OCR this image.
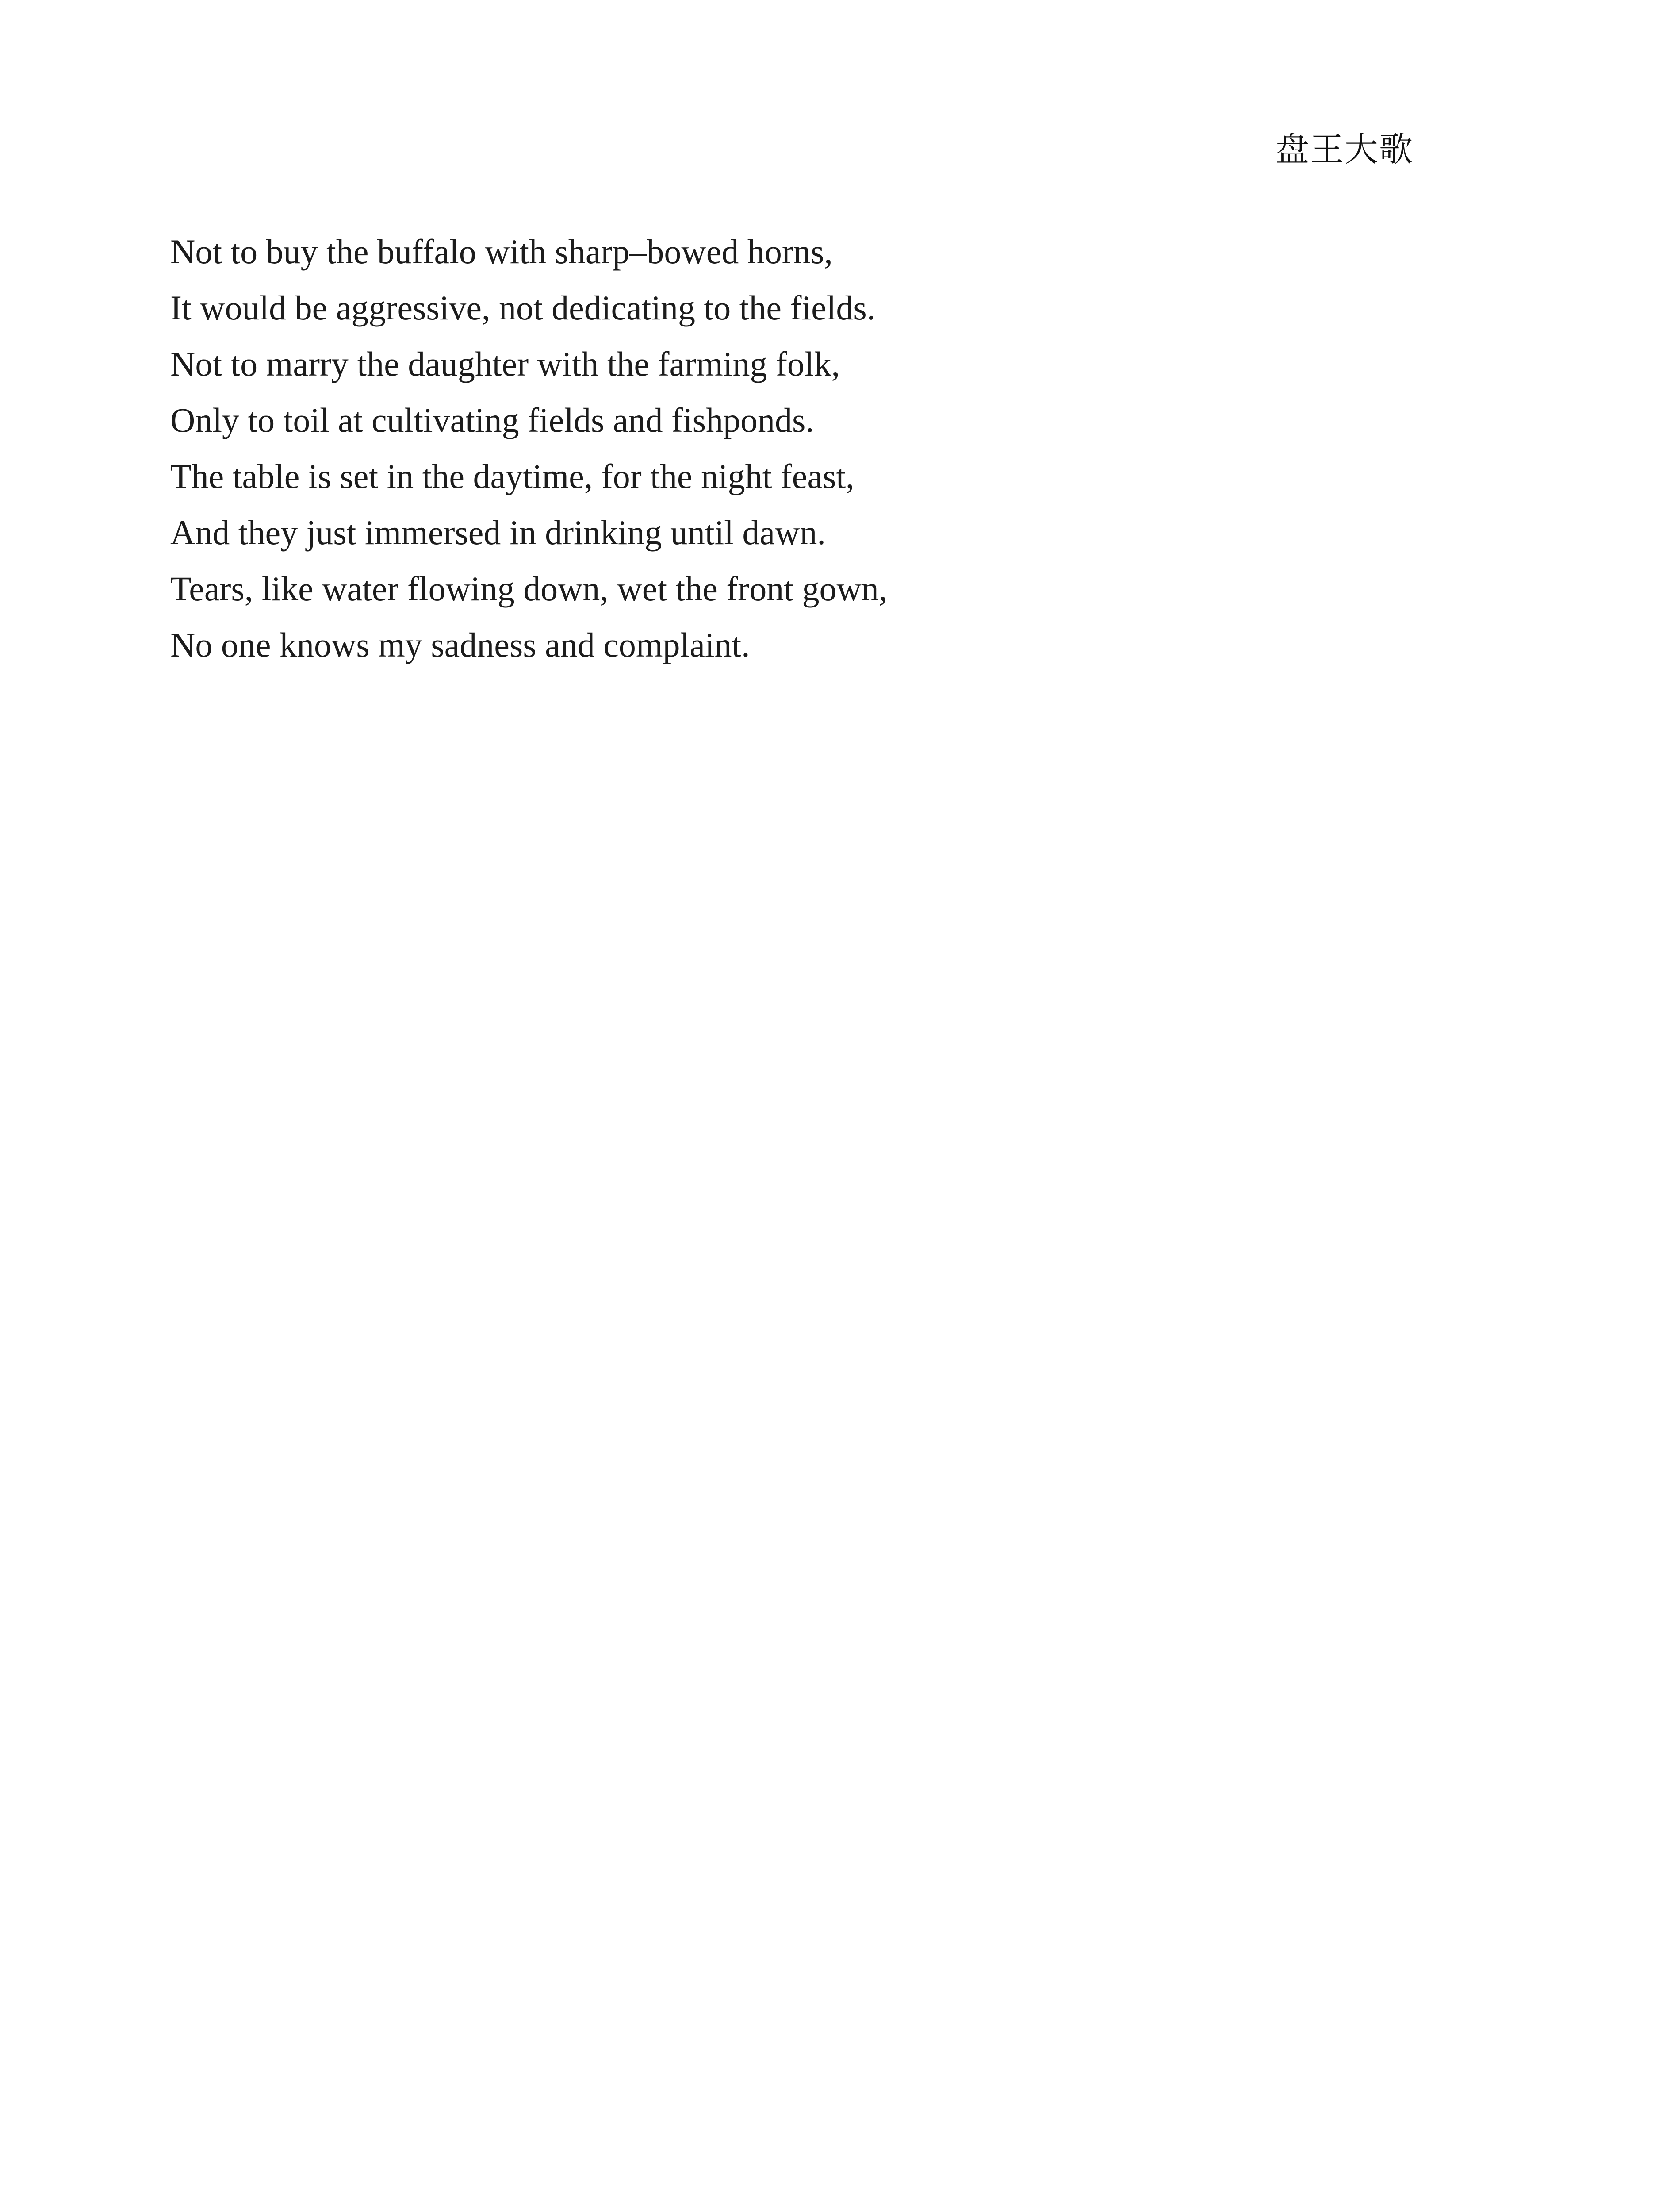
盘王大歌
Not to buy the buffalo with sharp–bowed horns,
It would be aggressive, not dedicating to the fields.
Not to marry the daughter with the farming folk,
Only to toil at cultivating fields and fishponds.
The table is set in the daytime, for the night feast,
And they just immersed in drinking until dawn.
Tears, like water flowing down, wet the front gown,
No one knows my sadness and complaint.
